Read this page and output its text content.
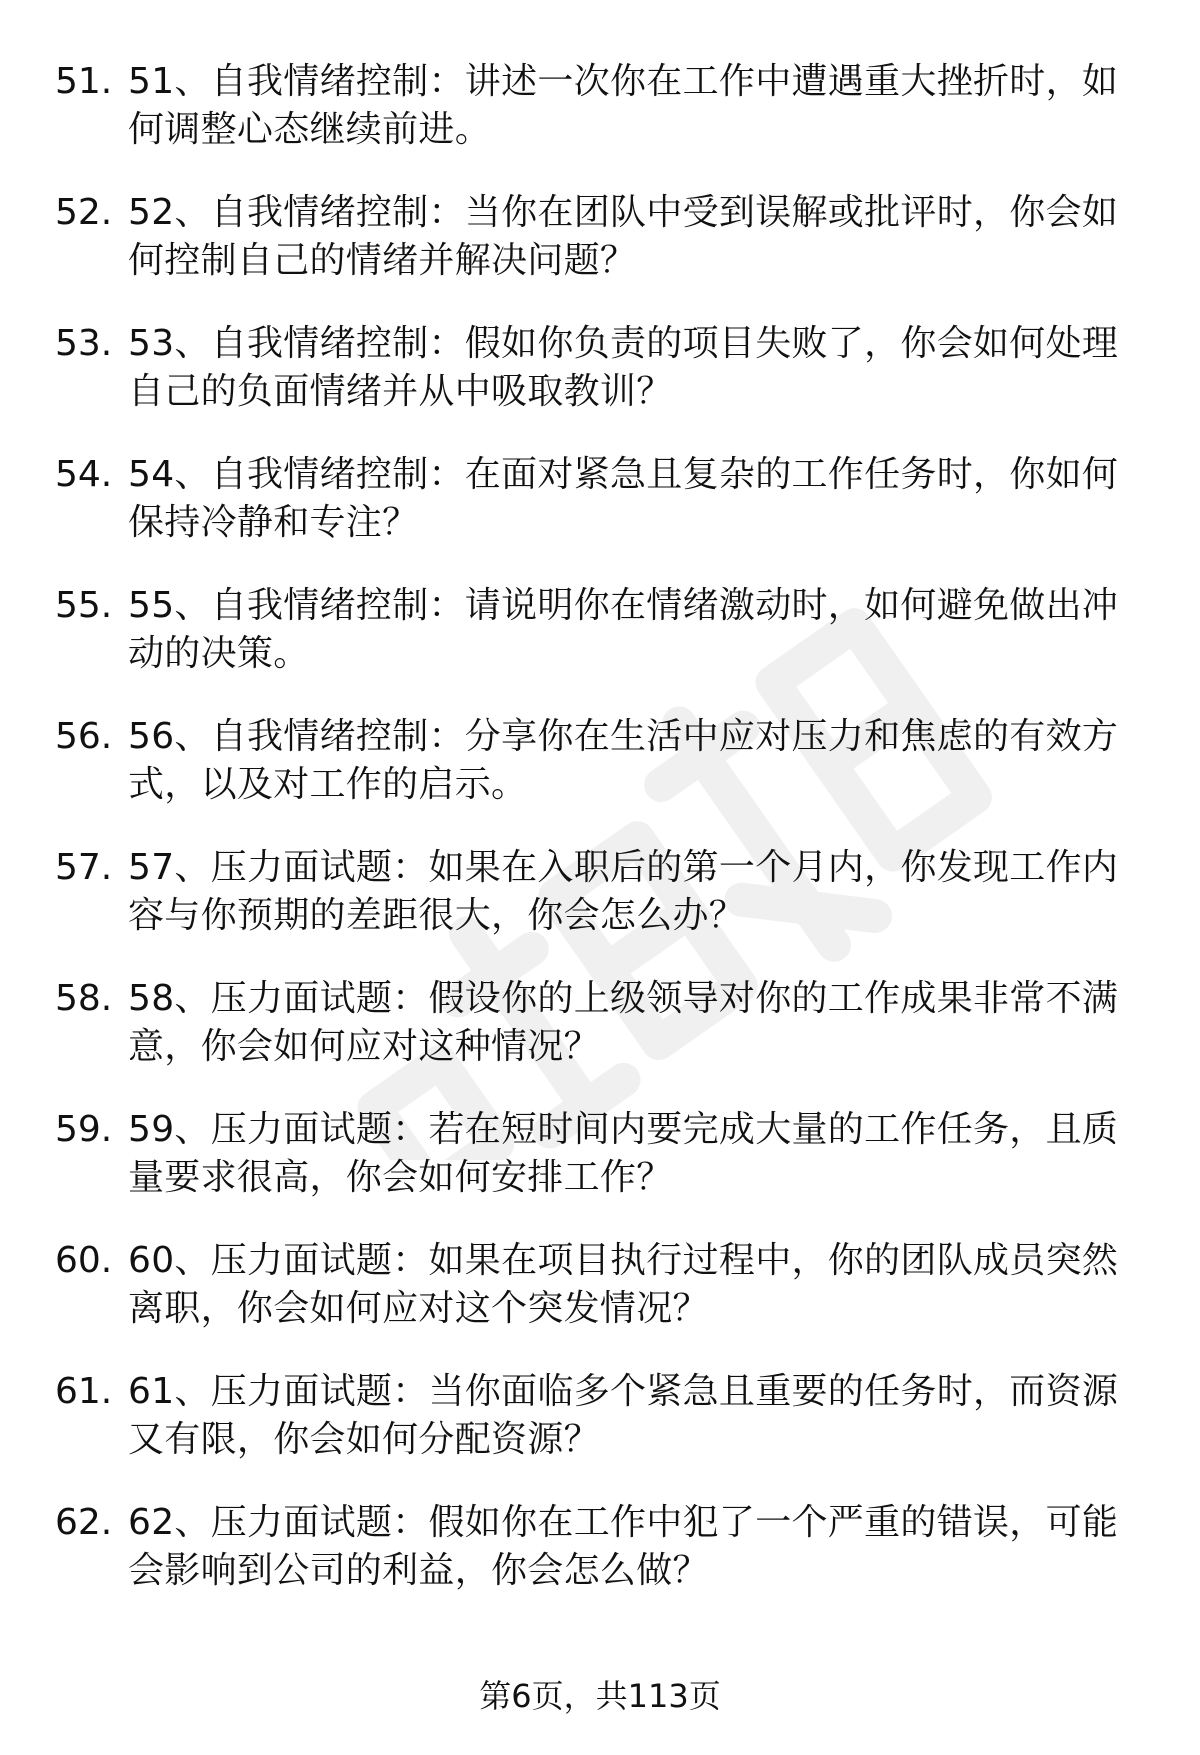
51. 51、自我情绪控制：讲述一次你在工作中遭遇重大挫折时，如何调整心态继续前进。
52. 52、自我情绪控制：当你在团队中受到误解或批评时，你会如何控制自己的情绪并解决问题？
53. 53、自我情绪控制：假如你负责的项目失败了，你会如何处理自己的负面情绪并从中吸取教训？
54. 54、自我情绪控制：在面对紧急且复杂的工作任务时，你如何保持冷静和专注？
55. 55、自我情绪控制：请说明你在情绪激动时，如何避免做出冲动的决策。
56. 56、自我情绪控制：分享你在生活中应对压力和焦虑的有效方式，以及对工作的启示。
57. 57、压力面试题：如果在入职后的第一个月内，你发现工作内容与你预期的差距很大，你会怎么办？
58. 58、压力面试题：假设你的上级领导对你的工作成果非常不满意，你会如何应对这种情况？
59. 59、压力面试题：若在短时间内要完成大量的工作任务，且质量要求很高，你会如何安排工作？
60. 60、压力面试题：如果在项目执行过程中，你的团队成员突然离职，你会如何应对这个突发情况？
61. 61、压力面试题：当你面临多个紧急且重要的任务时，而资源又有限，你会如何分配资源？
62. 62、压力面试题：假如你在工作中犯了一个严重的错误，可能会影响到公司的利益，你会怎么做？
第6页，共113页
